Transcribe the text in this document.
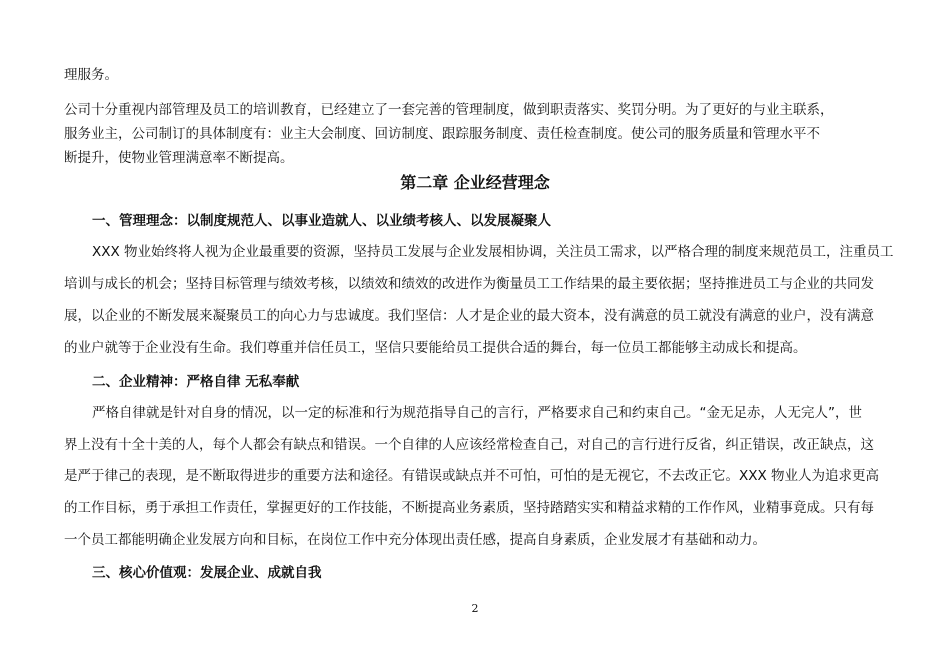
理服务。
公司十分重视内部管理及员工的培训教育，已经建立了一套完善的管理制度，做到职责落实、奖罚分明。为了更好的与业主联系，
服务业主，公司制订的具体制度有：业主大会制度、回访制度、跟踪服务制度、责任检查制度。使公司的服务质量和管理水平不
断提升，使物业管理满意率不断提高。
第二章 企业经营理念
一、管理理念：以制度规范人、以事业造就人、以业绩考核人、以发展凝聚人
XXX 物业始终将人视为企业最重要的资源，坚持员工发展与企业发展相协调，关注员工需求，以严格合理的制度来规范员工，注重员工
培训与成长的机会；坚持目标管理与绩效考核，以绩效和绩效的改进作为衡量员工工作结果的最主要依据；坚持推进员工与企业的共同发
展，以企业的不断发展来凝聚员工的向心力与忠诚度。我们坚信：人才是企业的最大资本，没有满意的员工就没有满意的业户，没有满意
的业户就等于企业没有生命。我们尊重并信任员工，坚信只要能给员工提供合适的舞台，每一位员工都能够主动成长和提高。
二、企业精神：严格自律 无私奉献
严格自律就是针对自身的情况，以一定的标准和行为规范指导自己的言行，严格要求自己和约束自己。“金无足赤，人无完人”，世
界上没有十全十美的人，每个人都会有缺点和错误。一个自律的人应该经常检查自己，对自己的言行进行反省，纠正错误，改正缺点，这
是严于律己的表现，是不断取得进步的重要方法和途径。有错误或缺点并不可怕，可怕的是无视它，不去改正它。XXX 物业人为追求更高
的工作目标，勇于承担工作责任，掌握更好的工作技能，不断提高业务素质，坚持踏踏实实和精益求精的工作作风，业精事竟成。只有每
一个员工都能明确企业发展方向和目标，在岗位工作中充分体现出责任感，提高自身素质，企业发展才有基础和动力。
三、核心价值观：发展企业、成就自我
2
